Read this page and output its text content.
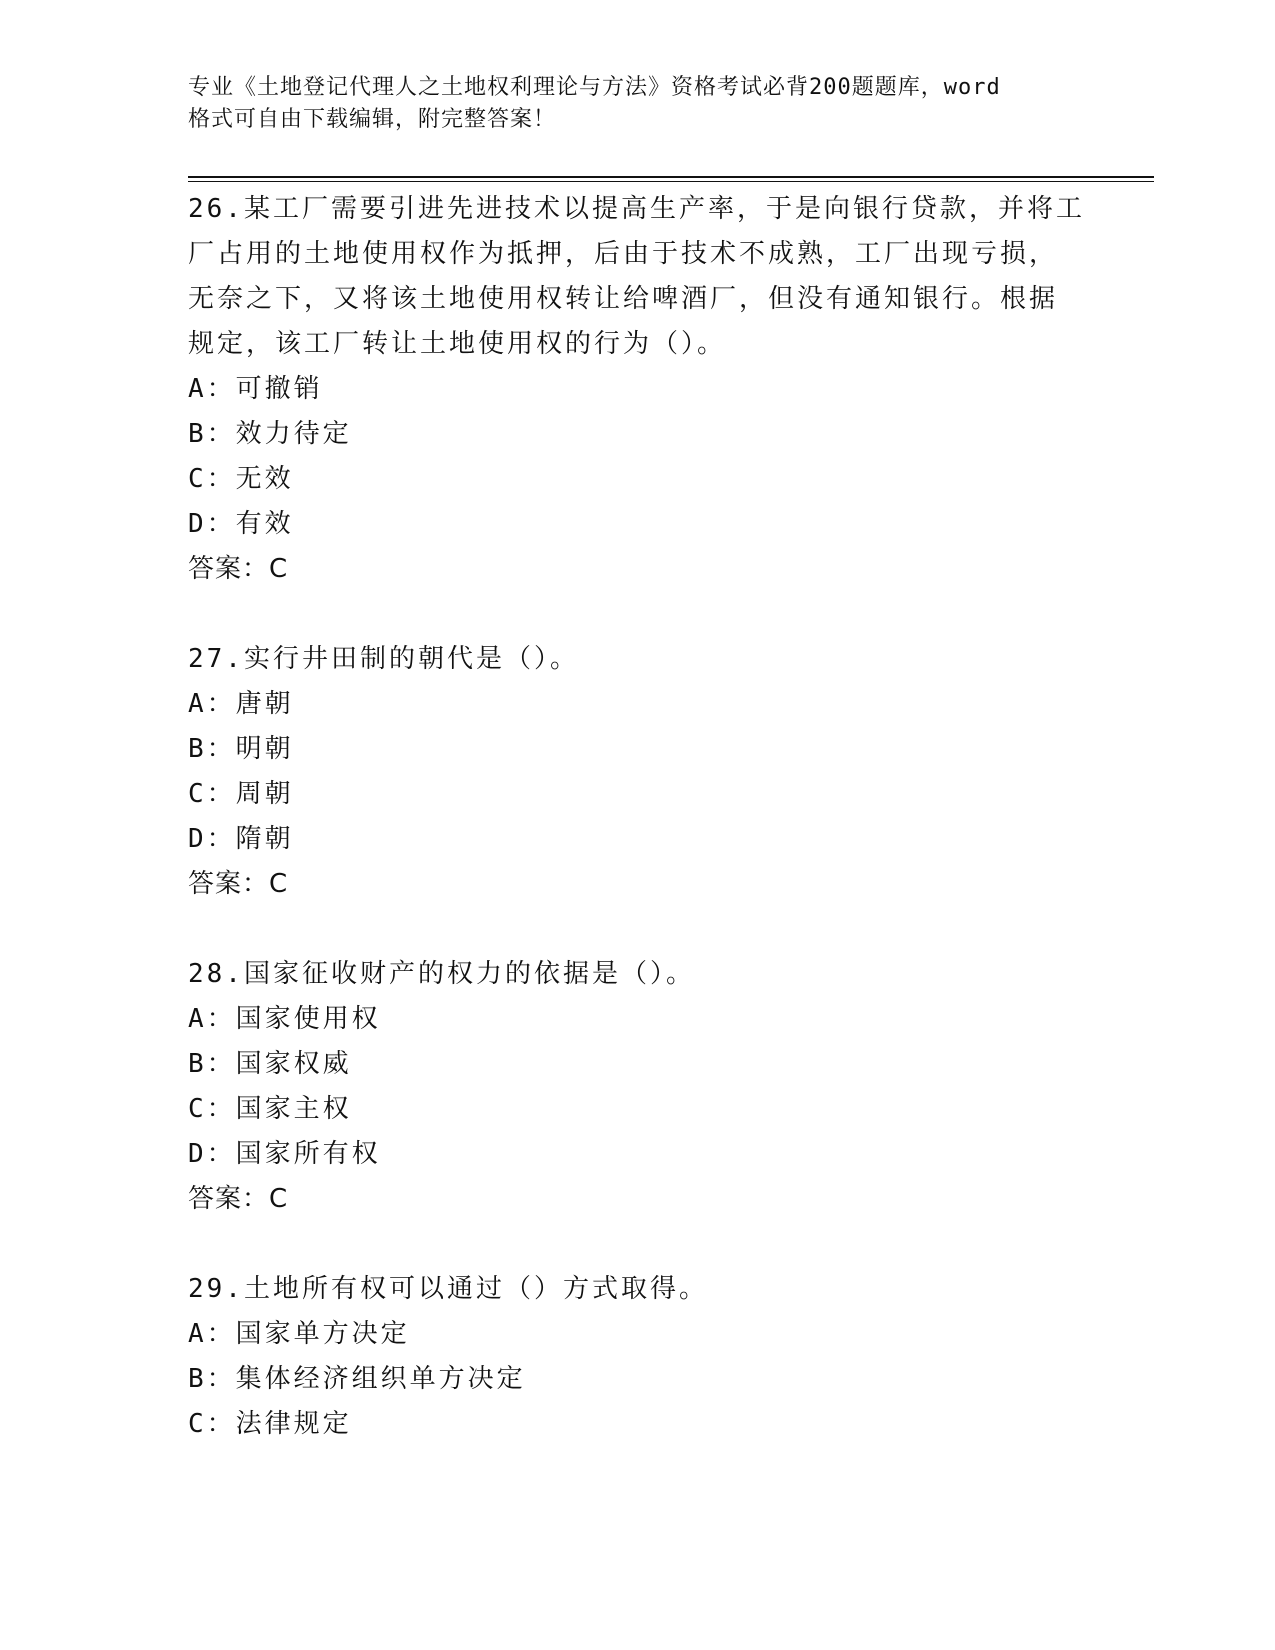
专业《土地登记代理人之土地权利理论与方法》资格考试必背200题题库，word
格式可自由下载编辑，附完整答案！
26.某工厂需要引进先进技术以提高生产率，于是向银行贷款，并将工
厂占用的土地使用权作为抵押，后由于技术不成熟，工厂出现亏损，
无奈之下，又将该土地使用权转让给啤酒厂，但没有通知银行。根据
规定，该工厂转让土地使用权的行为（）。
A： 可撤销
B： 效力待定
C： 无效
D： 有效
答案：C
27.实行井田制的朝代是（）。
A： 唐朝
B： 明朝
C： 周朝
D： 隋朝
答案：C
28.国家征收财产的权力的依据是（）。
A： 国家使用权
B： 国家权威
C： 国家主权
D： 国家所有权
答案：C
29.土地所有权可以通过（）方式取得。
A： 国家单方决定
B： 集体经济组织单方决定
C： 法律规定
